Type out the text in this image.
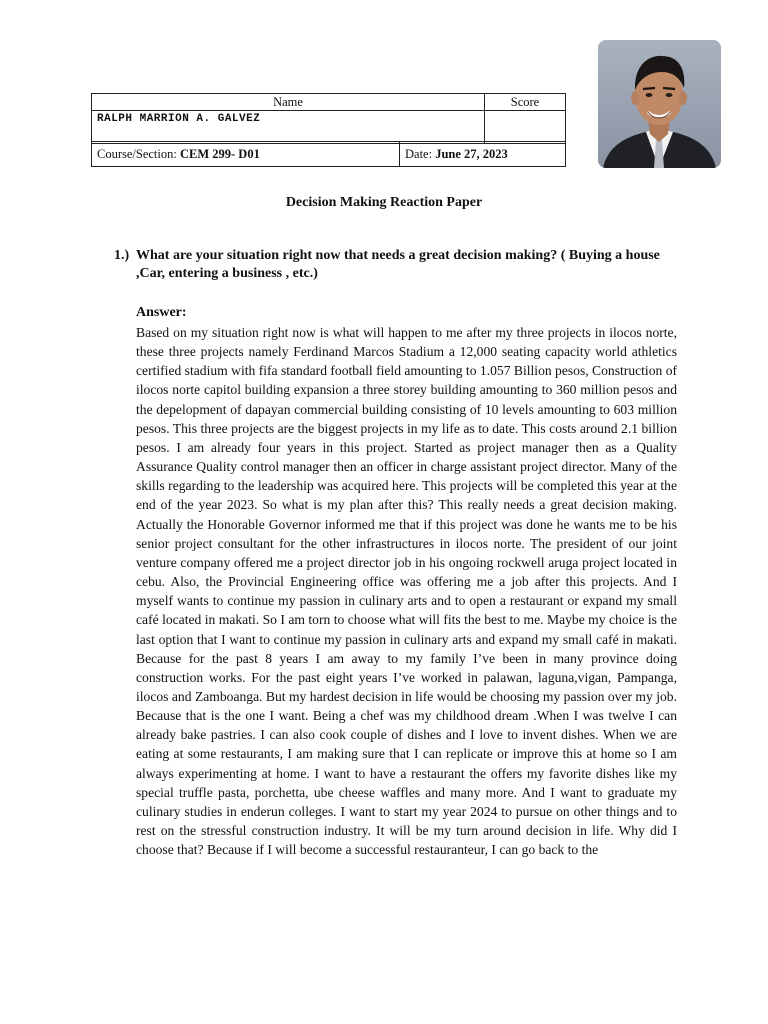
Name	Score
RALPH MARRION A. GALVEZ	
Course/Section: CEM 299- D01	Date: June 27, 2023
Decision Making Reaction Paper
1.) What are your situation right now that needs a great decision making? ( Buying a house ,Car, entering a business , etc.)
Answer:
Based on my situation right now is what will happen to me after my three projects in ilocos norte, these three projects namely Ferdinand Marcos Stadium a 12,000 seating capacity world athletics certified stadium with fifa standard football field amounting to 1.057 Billion pesos, Construction of ilocos norte capitol building expansion a three storey building amounting to 360 million pesos and the depelopment of dapayan commercial building consisting of 10 levels amounting to 603 million pesos. This three projects are the biggest projects in my life as to date. This costs around 2.1 billion pesos. I am already four years in this project. Started as project manager then as a Quality Assurance Quality control manager then an officer in charge assistant project director. Many of the skills regarding to the leadership was acquired here. This projects will be completed this year at the end of the year 2023. So what is my plan after this? This really needs a great decision making. Actually the Honorable Governor informed me that if this project was done he wants me to be his senior project consultant for the other infrastructures in ilocos norte. The president of our joint venture company offered me a project director job in his ongoing rockwell aruga project located in cebu. Also, the Provincial Engineering office was offering me a job after this projects. And I myself wants to continue my passion in culinary arts and to open a restaurant or expand my small café located in makati. So I am torn to choose what will fits the best to me. Maybe my choice is the last option that I want to continue my passion in culinary arts and expand my small café in makati. Because for the past 8 years I am away to my family I’ve been in many province doing construction works. For the past eight years I’ve worked in palawan, laguna,vigan, Pampanga, ilocos and Zamboanga. But my hardest decision in life would be choosing my passion over my job. Because that is the one I want. Being a chef was my childhood dream .When I was twelve I can already bake pastries. I can also cook couple of dishes and I love to invent dishes. When we are eating at some restaurants, I am making sure that I can replicate or improve this at home so I am always experimenting at home. I want to have a restaurant the offers my favorite dishes like my special truffle pasta, porchetta, ube cheese waffles and many more. And I want to graduate my culinary studies in enderun colleges. I want to start my year 2024 to pursue on other things and to rest on the stressful construction industry. It will be my turn around decision in life. Why did I choose that? Because if I will become a successful restauranteur, I can go back to the
